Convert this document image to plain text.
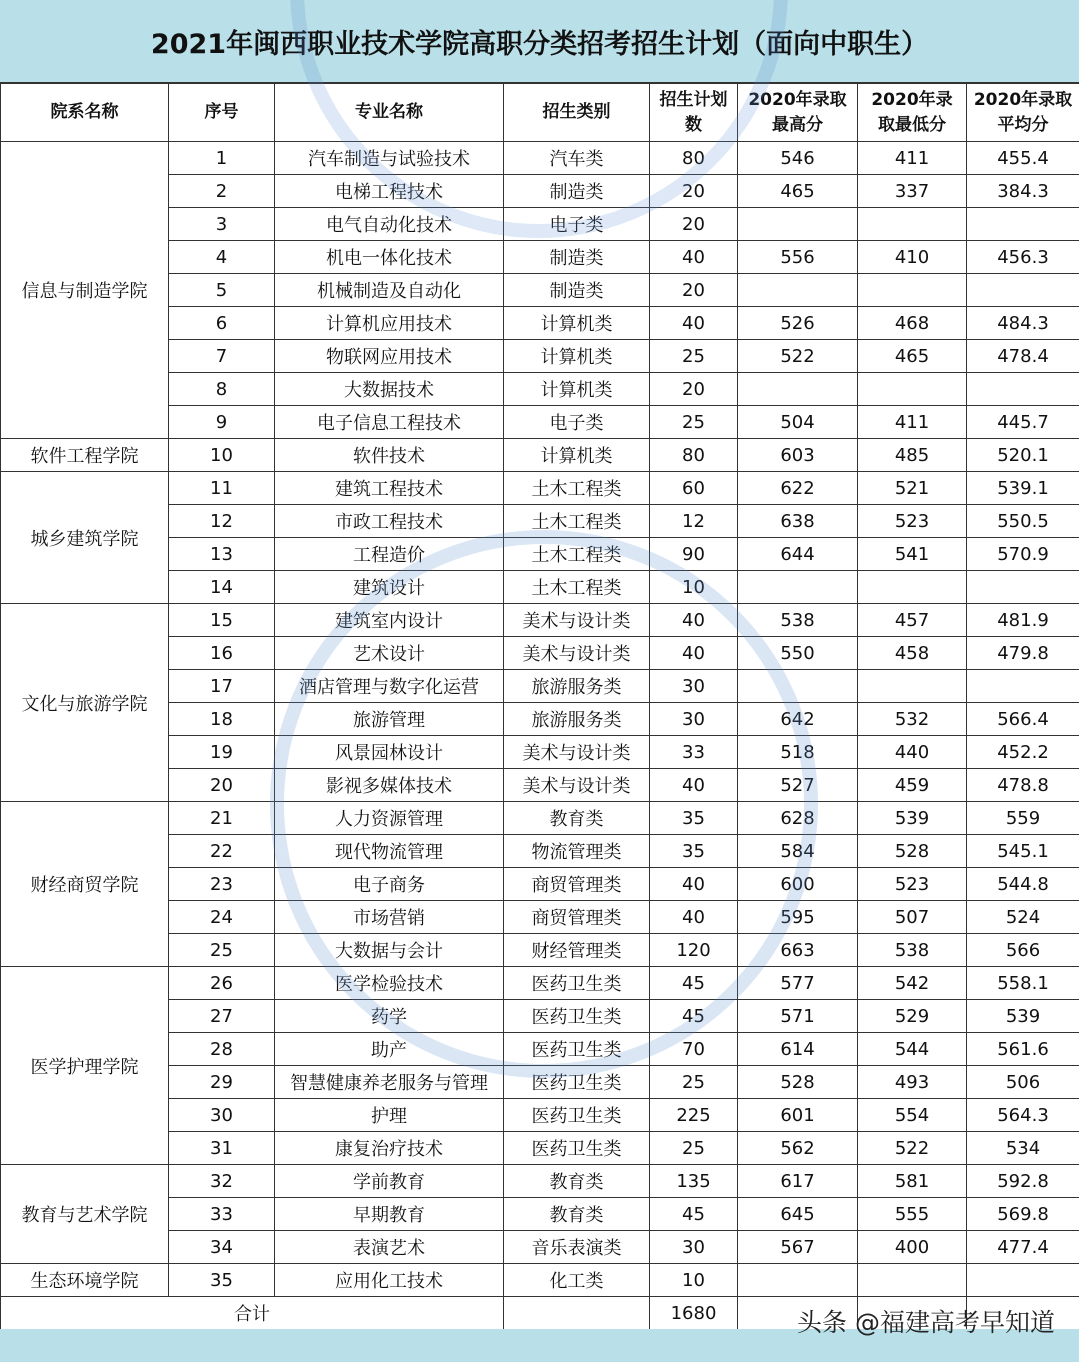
2021年闽西职业技术学院高职分类招考招生计划（面向中职生）
院系名称	序号	专业名称	招生类别	招生计划数	2020年录取最高分	2020年录取最低分	2020年录取平均分
信息与制造学院	1	汽车制造与试验技术	汽车类	80	546	411	455.4
	2	电梯工程技术	制造类	20	465	337	384.3
	3	电气自动化技术	电子类	20			
	4	机电一体化技术	制造类	40	556	410	456.3
	5	机械制造及自动化	制造类	20			
	6	计算机应用技术	计算机类	40	526	468	484.3
	7	物联网应用技术	计算机类	25	522	465	478.4
	8	大数据技术	计算机类	20			
	9	电子信息工程技术	电子类	25	504	411	445.7
软件工程学院	10	软件技术	计算机类	80	603	485	520.1
城乡建筑学院	11	建筑工程技术	土木工程类	60	622	521	539.1
	12	市政工程技术	土木工程类	12	638	523	550.5
	13	工程造价	土木工程类	90	644	541	570.9
	14	建筑设计	土木工程类	10			
文化与旅游学院	15	建筑室内设计	美术与设计类	40	538	457	481.9
	16	艺术设计	美术与设计类	40	550	458	479.8
	17	酒店管理与数字化运营	旅游服务类	30			
	18	旅游管理	旅游服务类	30	642	532	566.4
	19	风景园林设计	美术与设计类	33	518	440	452.2
	20	影视多媒体技术	美术与设计类	40	527	459	478.8
财经商贸学院	21	人力资源管理	教育类	35	628	539	559
	22	现代物流管理	物流管理类	35	584	528	545.1
	23	电子商务	商贸管理类	40	600	523	544.8
	24	市场营销	商贸管理类	40	595	507	524
	25	大数据与会计	财经管理类	120	663	538	566
医学护理学院	26	医学检验技术	医药卫生类	45	577	542	558.1
	27	药学	医药卫生类	45	571	529	539
	28	助产	医药卫生类	70	614	544	561.6
	29	智慧健康养老服务与管理	医药卫生类	25	528	493	506
	30	护理	医药卫生类	225	601	554	564.3
	31	康复治疗技术	医药卫生类	25	562	522	534
教育与艺术学院	32	学前教育	教育类	135	617	581	592.8
	33	早期教育	教育类	45	645	555	569.8
	34	表演艺术	音乐表演类	30	567	400	477.4
生态环境学院	35	应用化工技术	化工类	10			
合计				1680				头条 @福建高考早知道
